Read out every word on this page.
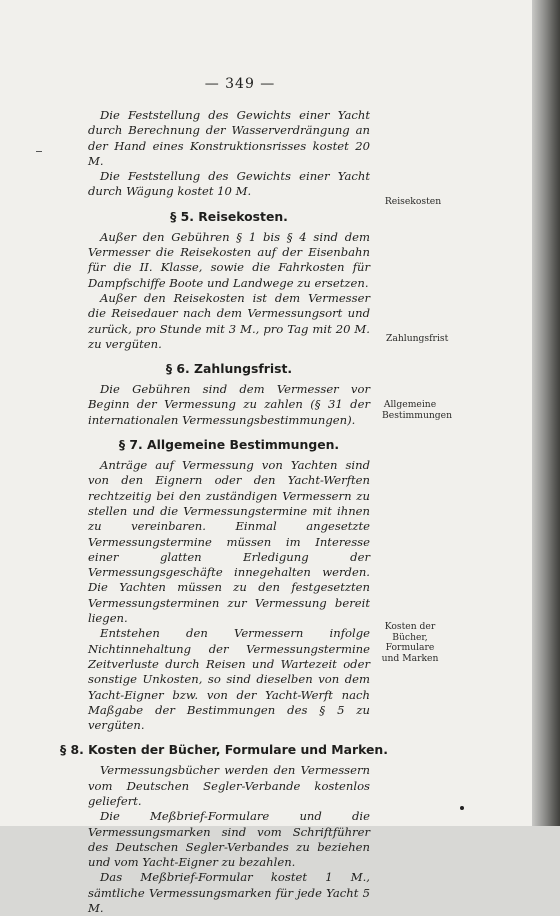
— 349 —

Die Feststellung des Gewichts einer Yacht durch Berechnung der Wasserverdrängung an der Hand eines Konstruktionsrisses kostet 20 M.

Die Feststellung des Gewichts einer Yacht durch Wägung kostet 10 M.

§ 5. Reisekosten.

Außer den Gebühren § 1 bis § 4 sind dem Vermesser die Reisekosten auf der Eisenbahn für die II. Klasse, sowie die Fahrkosten für Dampfschiffe Boote und Landwege zu ersetzen.

Außer den Reisekosten ist dem Vermesser die Reisedauer nach dem Vermessungsort und zurück, pro Stunde mit 3 M., pro Tag mit 20 M. zu vergüten.

§ 6. Zahlungsfrist.

Die Gebühren sind dem Vermesser vor Beginn der Vermessung zu zahlen (§ 31 der internationalen Vermessungsbestimmungen).

§ 7. Allgemeine Bestimmungen.

Anträge auf Vermessung von Yachten sind von den Eignern oder den Yacht-Werften rechtzeitig bei den zuständigen Vermessern zu stellen und die Vermessungstermine mit ihnen zu vereinbaren. Einmal angesetzte Vermessungstermine müssen im Interesse einer glatten Erledigung der Vermessungsgeschäfte innegehalten werden. Die Yachten müssen zu den festgesetzten Vermessungsterminen zur Vermessung bereit liegen.

Entstehen den Vermessern infolge Nichtinnehaltung der Vermessungstermine Zeitverluste durch Reisen und Wartezeit oder sonstige Unkosten, so sind dieselben von dem Yacht-Eigner bzw. von der Yacht-Werft nach Maßgabe der Bestimmungen des § 5 zu vergüten.

§ 8. Kosten der Bücher, Formulare und Marken.

Vermessungsbücher werden den Vermessern vom Deutschen Segler-Verbande kostenlos geliefert.

Die Meßbrief-Formulare und die Vermessungsmarken sind vom Schriftführer des Deutschen Segler-Verbandes zu beziehen und vom Yacht-Eigner zu bezahlen.

Das Meßbrief-Formular kostet 1 M., sämtliche Vermessungsmarken für jede Yacht 5 M.

Reisekosten
Zahlungsfrist
Allgemeine Bestimmungen
Kosten der Bücher, Formulare und Marken
